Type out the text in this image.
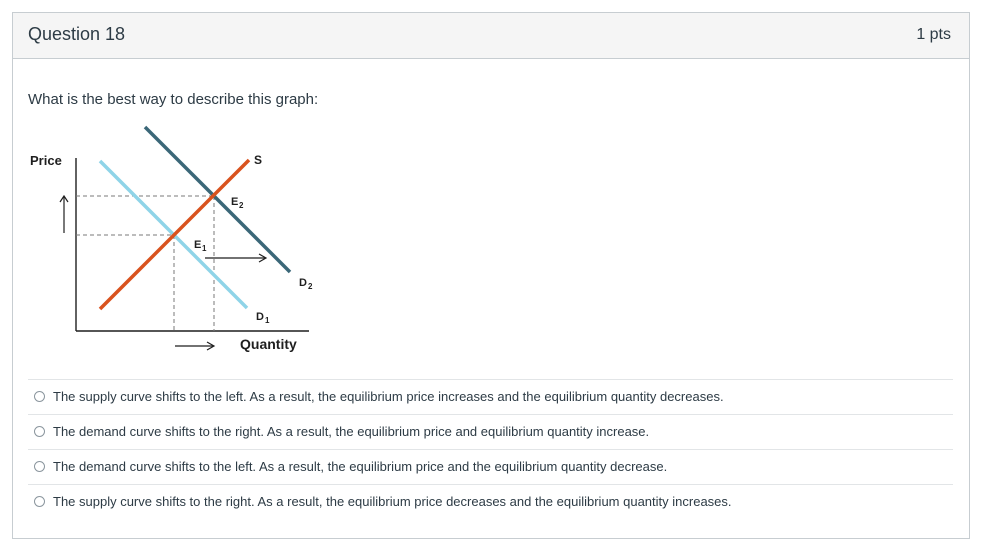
Question 18	1 pts
What is the best way to describe this graph:
Price
Quantity
S
E 2
E 1
D 2
D 1
The supply curve shifts to the left. As a result, the equilibrium price increases and the equilibrium quantity decreases.
The demand curve shifts to the right. As a result, the equilibrium price and equilibrium quantity increase.
The demand curve shifts to the left. As a result, the equilibrium price and the equilibrium quantity decrease.
The supply curve shifts to the right. As a result, the equilibrium price decreases and the equilibrium quantity increases.
